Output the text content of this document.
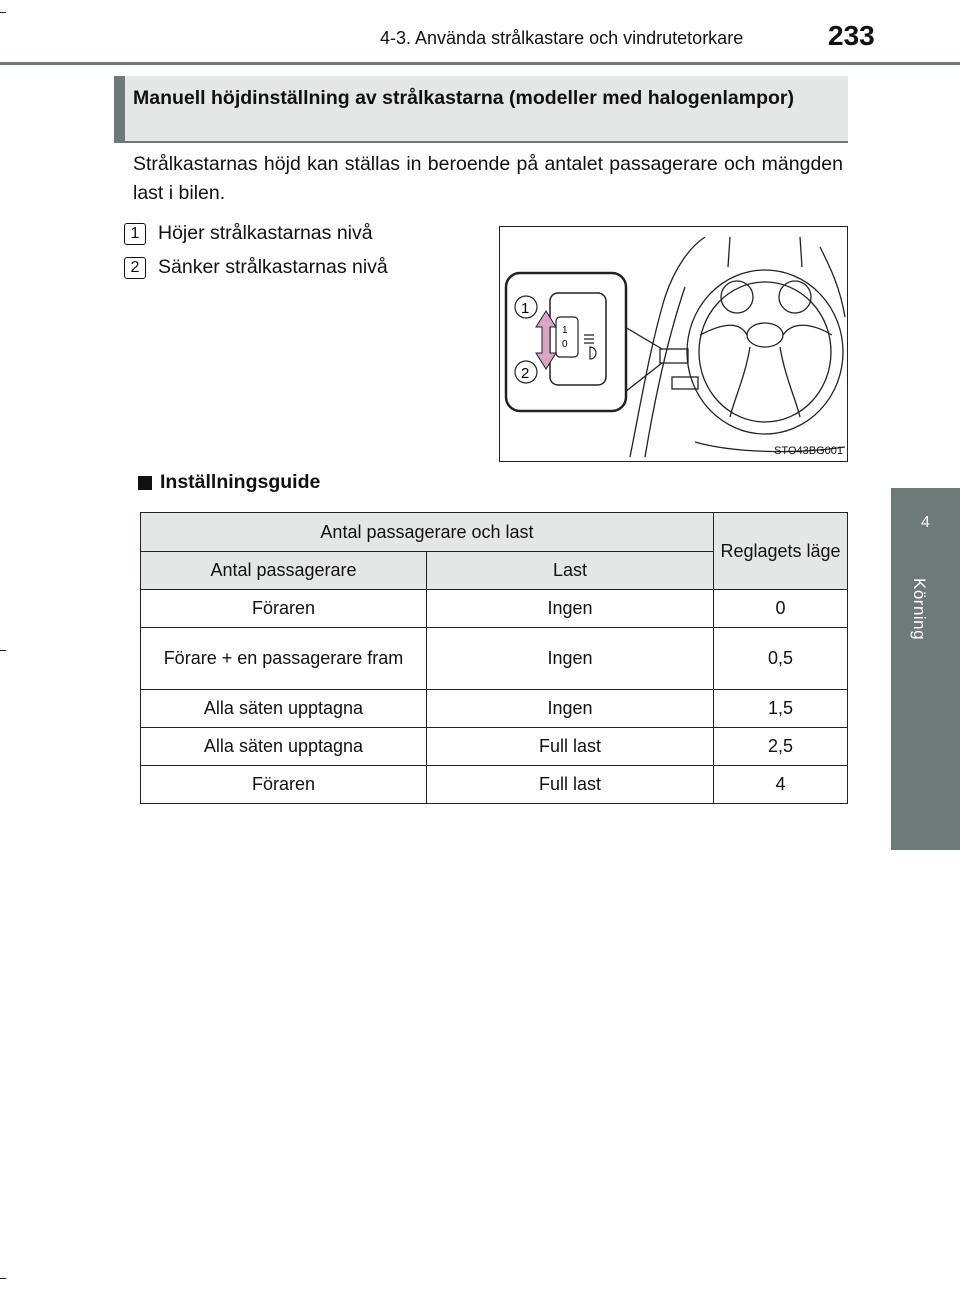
4-3. Använda strålkastare och vindrutetorkare	233
4
Körning
Manuell höjdinställning av strålkastarna (modeller med halogenlampor)
Strålkastarnas höjd kan ställas in beroende på antalet passagerare och mängden last i bilen.
1 Höjer strålkastarnas nivå
2 Sänker strålkastarnas nivå
1
0
1
2
STO43BG001
Inställningsguide
Antal passagerare och last		Reglagets läge
Antal passagerare	Last	
Föraren	Ingen	0
Förare + en passagerare fram	Ingen	0,5
Alla säten upptagna	Ingen	1,5
Alla säten upptagna	Full last	2,5
Föraren	Full last	4
